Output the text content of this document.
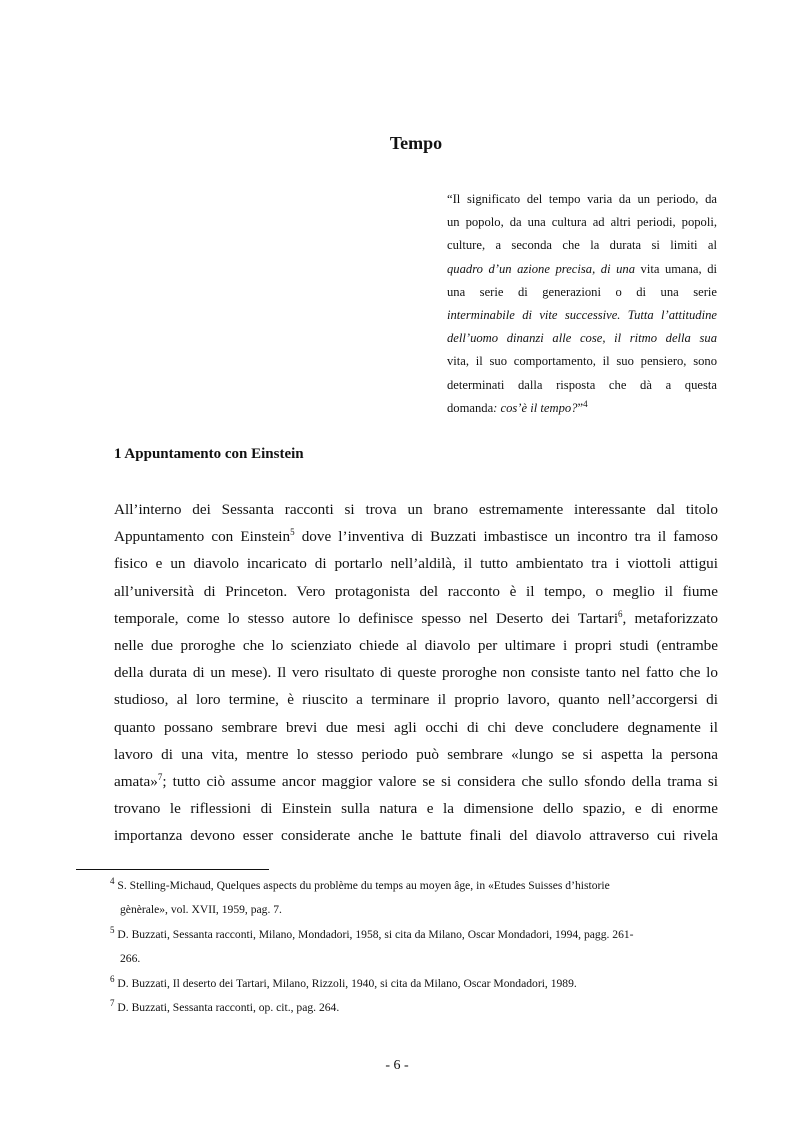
Tempo
“Il significato del tempo varia da un periodo, da
un popolo, da una cultura ad altri periodi, popoli,
culture, a seconda che la durata si limiti al
quadro d’un azione precisa, di una vita umana, di
una serie di generazioni o di una serie
interminabile di vite successive. Tutta l’attitudine
dell’uomo dinanzi alle cose, il ritmo della sua
vita, il suo comportamento, il suo pensiero, sono
determinati dalla risposta che dà a questa
domanda: cos’è il tempo?”$^4$
1 Appuntamento con Einstein
All’interno dei Sessanta racconti si trova un brano estremamente interessante dal titolo
Appuntamento con Einstein$^5$ dove l’inventiva di Buzzati imbastisce un incontro tra il famoso
fisico e un diavolo incaricato di portarlo nell’aldilà, il tutto ambientato tra i viottoli attigui
all’università di Princeton. Vero protagonista del racconto è il tempo, o meglio il fiume
temporale, come lo stesso autore lo definisce spesso nel Deserto dei Tartari$^6$, metaforizzato
nelle due proroghe che lo scienziato chiede al diavolo per ultimare i propri studi (entrambe
della durata di un mese). Il vero risultato di queste proroghe non consiste tanto nel fatto che lo
studioso, al loro termine, è riuscito a terminare il proprio lavoro, quanto nell’accorgersi di
quanto possano sembrare brevi due mesi agli occhi di chi deve concludere degnamente il
lavoro di una vita, mentre lo stesso periodo può sembrare «lungo se si aspetta la persona
amata»$^7$; tutto ciò assume ancor maggior valore se si considera che sullo sfondo della trama si
trovano le riflessioni di Einstein sulla natura e la dimensione dello spazio, e di enorme
importanza devono esser considerate anche le battute finali del diavolo attraverso cui rivela
$^4$ S. Stelling-Michaud, Quelques aspects du problème du temps au moyen âge, in «Etudes Suisses d’historie
gènèrale», vol. XVII, 1959, pag. 7.
$^5$ D. Buzzati, Sessanta racconti, Milano, Mondadori, 1958, si cita da Milano, Oscar Mondadori, 1994, pagg. 261-
266.
$^6$ D. Buzzati, Il deserto dei Tartari, Milano, Rizzoli, 1940, si cita da Milano, Oscar Mondadori, 1989.
$^7$ D. Buzzati, Sessanta racconti, op. cit., pag. 264.
- 6 -
